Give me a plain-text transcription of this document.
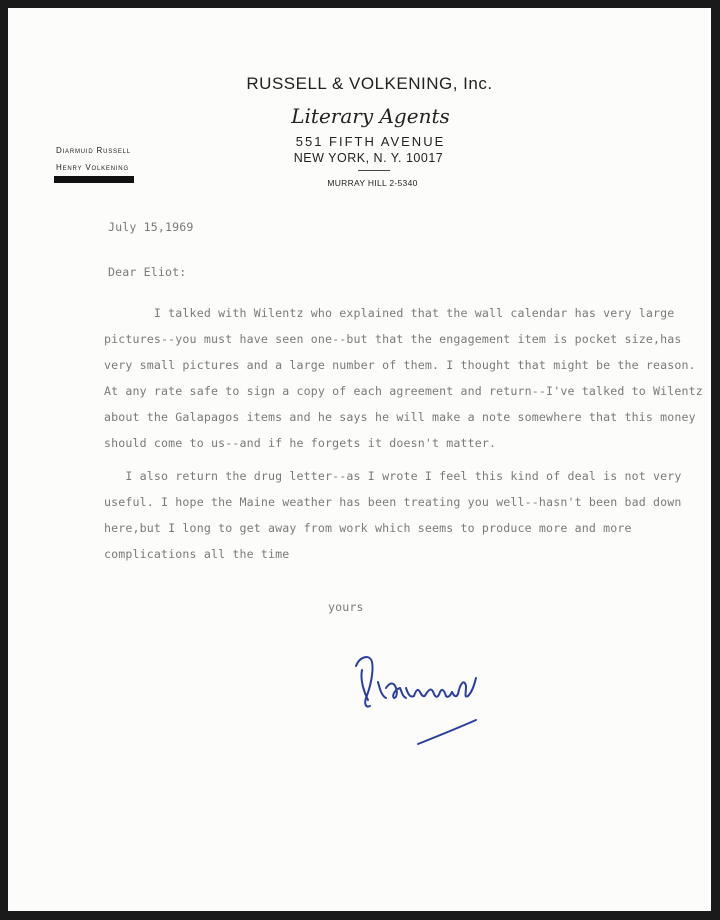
RUSSELL & VOLKENING, Inc.
Literary Agents
551 FIFTH AVENUE
NEW YORK, N. Y. 10017
MURRAY HILL 2-5340
Diarmuid Russell
Henry Volkening
July 15,1969
Dear Eliot:
I talked with Wilentz who explained that the wall calendar has very large
pictures--you must have seen one--but that the engagement item is pocket size,has
very small pictures and a large number of them. I thought that might be the reason.
At any rate safe to sign a copy of each agreement and return--I've talked to Wilentz
about the Galapagos items and he says he will make a note somewhere that this money
should come to us--and if he forgets it doesn't matter.
I also return the drug letter--as I wrote I feel this kind of deal is not very
useful. I hope the Maine weather has been treating you well--hasn't been bad down
here,but I long to get away from work which seems to produce more and more
complications all the time
yours
